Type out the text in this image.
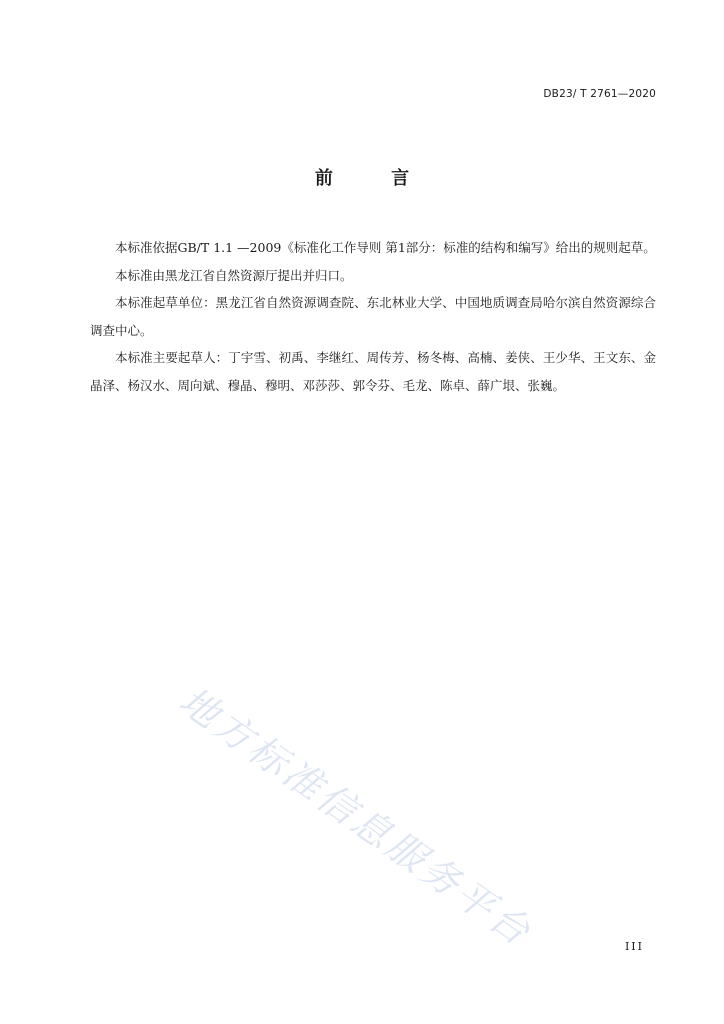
DB23/ T 2761—2020
前 言

本标准依据GB/T 1.1 —2009《标准化工作导则 第1部分：标准的结构和编写》给出的规则起草。

本标准由黑龙江省自然资源厅提出并归口。

本标准起草单位：黑龙江省自然资源调查院、东北林业大学、中国地质调查局哈尔滨自然资源综合调查中心。

本标准主要起草人：丁宇雪、初禹、李继红、周传芳、杨冬梅、高楠、姜侠、王少华、王文东、金晶泽、杨汉水、周向斌、穆晶、穆明、邓莎莎、郭令芬、毛龙、陈卓、薛广垠、张巍。

地方标准信息服务平台	III
